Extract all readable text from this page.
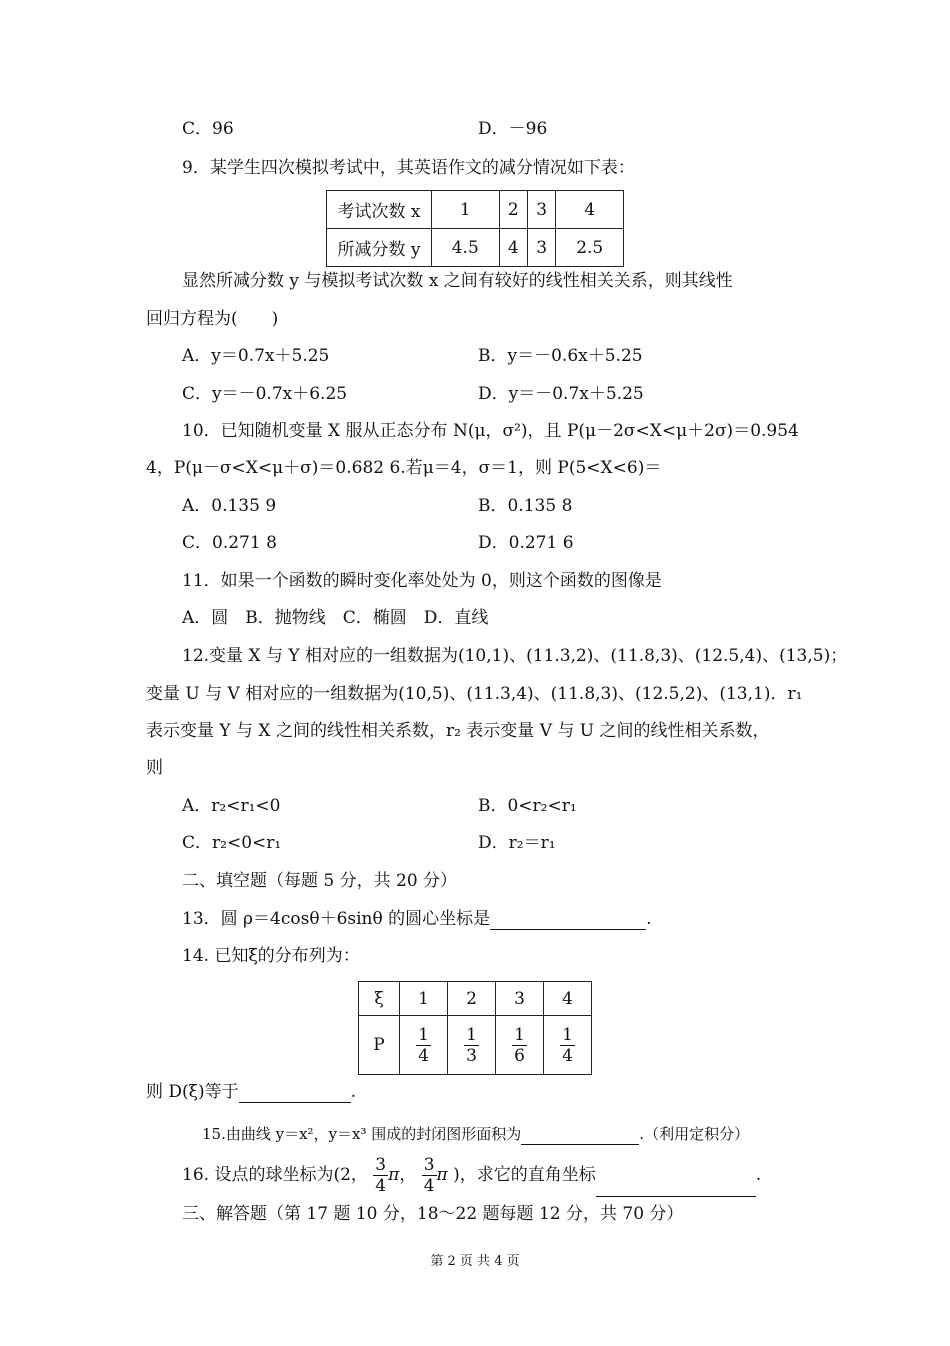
C．96	D．－96
9．某学生四次模拟考试中，其英语作文的减分情况如下表：
考试次数 x	1	2	3	4
所减分数 y	4.5	4	3	2.5
显然所减分数 y 与模拟考试次数 x 之间有较好的线性相关关系，则其线性
回归方程为(　　)
A．y＝0.7x＋5.25	B．y＝－0.6x＋5.25
C．y＝－0.7x＋6.25	D．y＝－0.7x＋5.25
10．已知随机变量 X 服从正态分布 N(μ，σ²)，且 P(μ－2σ<X<μ＋2σ)＝0.954
4，P(μ－σ<X<μ＋σ)＝0.682 6.若μ＝4，σ＝1，则 P(5<X<6)＝
A．0.135 9	B．0.135 8
C．0.271 8	D．0.271 6
11．如果一个函数的瞬时变化率处处为 0，则这个函数的图像是
A．圆　B．抛物线　C．椭圆　D．直线
12.变量 X 与 Y 相对应的一组数据为(10,1)、(11.3,2)、(11.8,3)、(12.5,4)、(13,5)；
变量 U 与 V 相对应的一组数据为(10,5)、(11.3,4)、(11.8,3)、(12.5,2)、(13,1)．r₁
表示变量 Y 与 X 之间的线性相关系数，r₂ 表示变量 V 与 U 之间的线性相关系数，
则
A．r₂<r₁<0	B．0<r₂<r₁
C．r₂<0<r₁	D．r₂＝r₁
二、填空题（每题 5 分，共 20 分）
13．圆 ρ＝4cosθ＋6sinθ 的圆心坐标是	.
14. 已知ξ的分布列为：
ξ	1	2	3	4
P	$\frac{1}{4}$	$\frac{1}{3}$	$\frac{1}{6}$	$\frac{1}{4}$
则 D(ξ)等于	.
15.由曲线 y＝x²，y＝x³ 围成的封闭图形面积为	.（利用定积分）
16. 设点的球坐标为(2， $\frac{3}{4}$ π， $\frac{3}{4}$ π )，求它的直角坐标	.
三、解答题（第 17 题 10 分，18～22 题每题 12 分，共 70 分）
第 2 页 共 4 页
